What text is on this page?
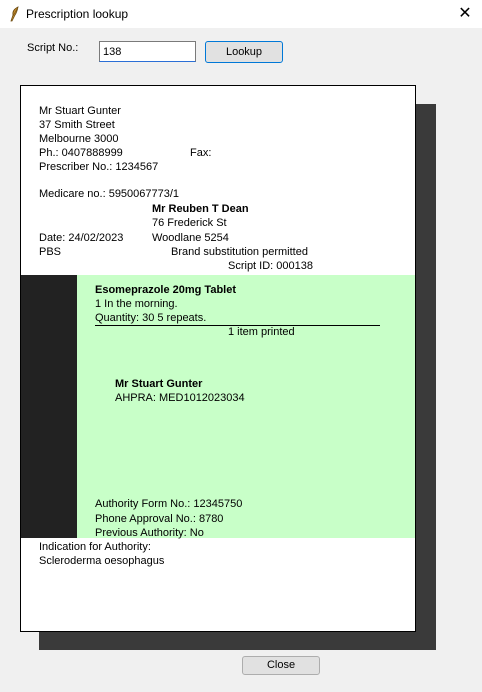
Prescription lookup	✕
Script No.:
138	Lookup
Mr Stuart Gunter
37 Smith Street
Melbourne 3000
Ph.: 0407888999	Fax:
Prescriber No.: 1234567
Medicare no.: 5950067773/1
Mr Reuben T Dean
76 Frederick St
Date: 24/02/2023	Woodlane 5254
PBS	Brand substitution permitted
Script ID: 000138
Esomeprazole 20mg Tablet
1 In the morning.
Quantity: 30 5 repeats.
1 item printed
Mr Stuart Gunter
AHPRA: MED1012023034
Authority Form No.: 12345750
Phone Approval No.: 8780
Previous Authority: No
Indication for Authority:
Scleroderma oesophagus
Close
